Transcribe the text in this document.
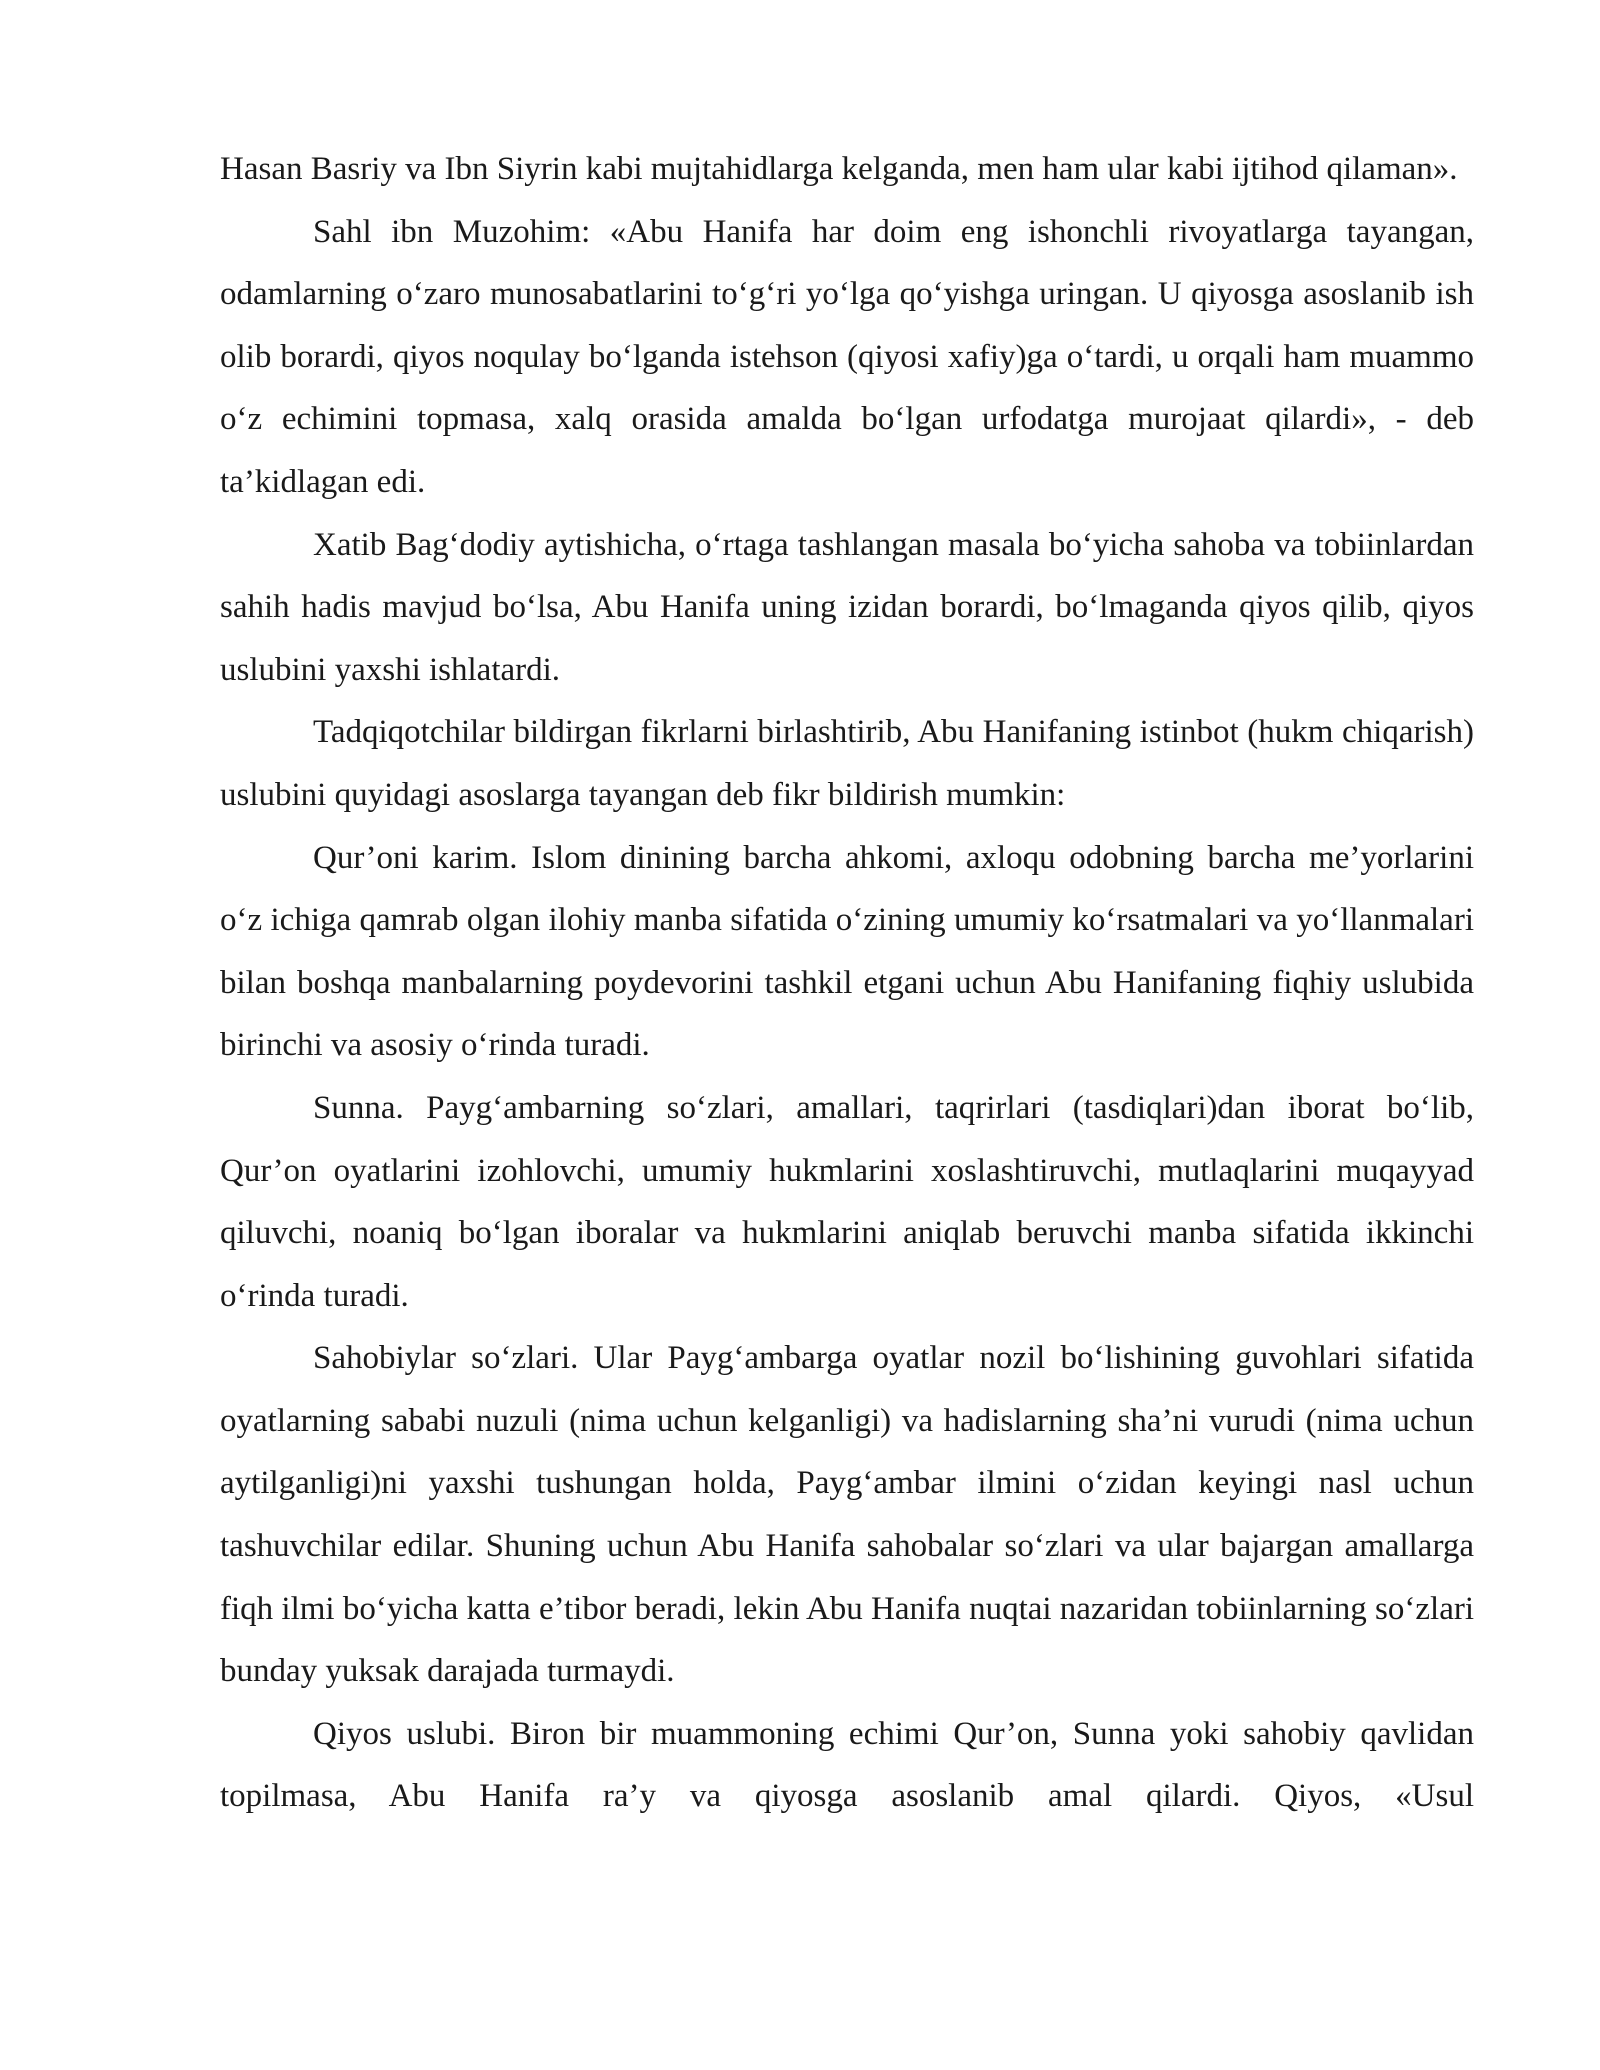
Hasan Basriy va Ibn Siyrin kabi mujtahidlarga kelganda, men ham ular kabi ijtihod qilaman».

Sahl ibn Muzohim: «Abu Hanifa har doim eng ishonchli rivoyatlarga tayangan, odamlarning o‘zaro munosabatlarini to‘g‘ri yo‘lga qo‘yishga uringan. U qiyosga asoslanib ish olib borardi, qiyos noqulay bo‘lganda istehson (qiyosi xafiy)ga o‘tardi, u orqali ham muammo o‘z echimini topmasa, xalq orasida amalda bo‘lgan urfodatga murojaat qilardi», - deb ta’kidlagan edi.

Xatib Bag‘dodiy aytishicha, o‘rtaga tashlangan masala bo‘yicha sahoba va tobiinlardan sahih hadis mavjud bo‘lsa, Abu Hanifa uning izidan borardi, bo‘lmaganda qiyos qilib, qiyos uslubini yaxshi ishlatardi.

Tadqiqotchilar bildirgan fikrlarni birlashtirib, Abu Hanifaning istinbot (hukm chiqarish) uslubini quyidagi asoslarga tayangan deb fikr bildirish mumkin:

Qur’oni karim. Islom dinining barcha ahkomi, axloqu odobning barcha me’yorlarini o‘z ichiga qamrab olgan ilohiy manba sifatida o‘zining umumiy ko‘rsatmalari va yo‘llanmalari bilan boshqa manbalarning poydevorini tashkil etgani uchun Abu Hanifaning fiqhiy uslubida birinchi va asosiy o‘rinda turadi.

Sunna. Payg‘ambarning so‘zlari, amallari, taqrirlari (tasdiqlari)dan iborat bo‘lib, Qur’on oyatlarini izohlovchi, umumiy hukmlarini xoslashtiruvchi, mutlaqlarini muqayyad qiluvchi, noaniq bo‘lgan iboralar va hukmlarini aniqlab beruvchi manba sifatida ikkinchi o‘rinda turadi.

Sahobiylar so‘zlari. Ular Payg‘ambarga oyatlar nozil bo‘lishining guvohlari sifatida oyatlarning sababi nuzuli (nima uchun kelganligi) va hadislarning sha’ni vurudi (nima uchun aytilganligi)ni yaxshi tushungan holda, Payg‘ambar ilmini o‘zidan keyingi nasl uchun tashuvchilar edilar. Shuning uchun Abu Hanifa sahobalar so‘zlari va ular bajargan amallarga fiqh ilmi bo‘yicha katta e’tibor beradi, lekin Abu Hanifa nuqtai nazaridan tobiinlarning so‘zlari bunday yuksak darajada turmaydi.

Qiyos uslubi. Biron bir muammoning echimi Qur’on, Sunna yoki sahobiy qavlidan topilmasa, Abu Hanifa ra’y va qiyosga asoslanib amal qilardi. Qiyos, «Usul
